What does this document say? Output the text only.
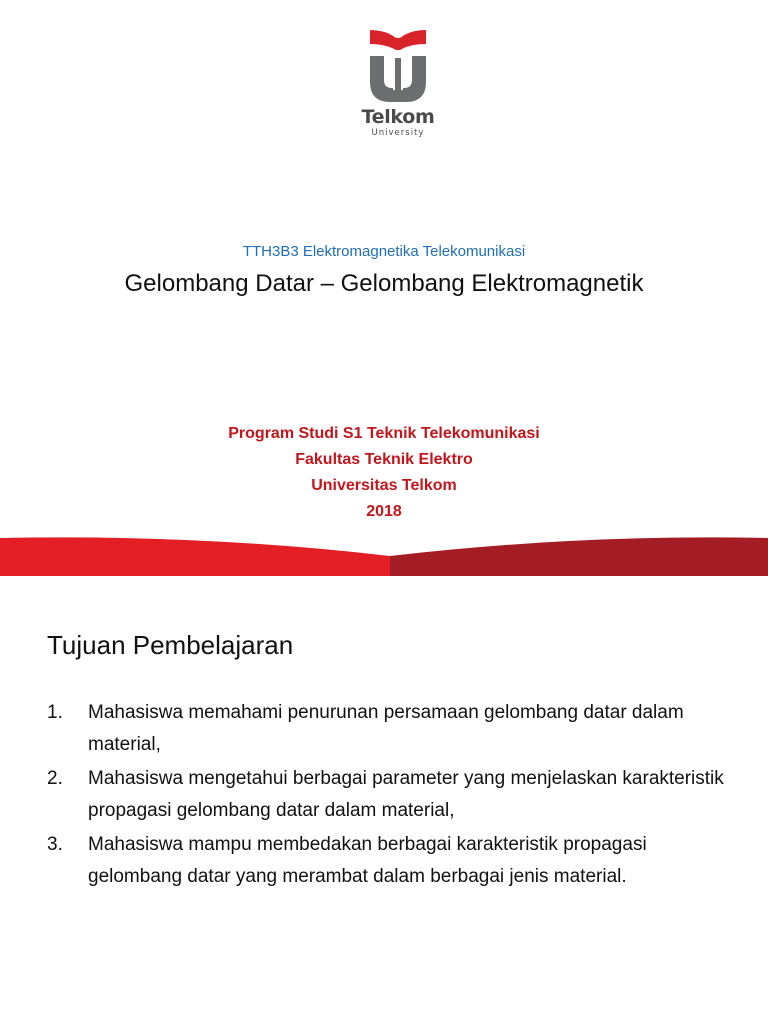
Telkom
University
TTH3B3 Elektromagnetika Telekomunikasi
Gelombang Datar – Gelombang Elektromagnetik
Program Studi S1 Teknik Telekomunikasi
Fakultas Teknik Elektro
Universitas Telkom
2018
Tujuan Pembelajaran
1. Mahasiswa memahami penurunan persamaan gelombang datar dalam material,
2. Mahasiswa mengetahui berbagai parameter yang menjelaskan karakteristik propagasi gelombang datar dalam material,
3. Mahasiswa mampu membedakan berbagai karakteristik propagasi gelombang datar yang merambat dalam berbagai jenis material.
